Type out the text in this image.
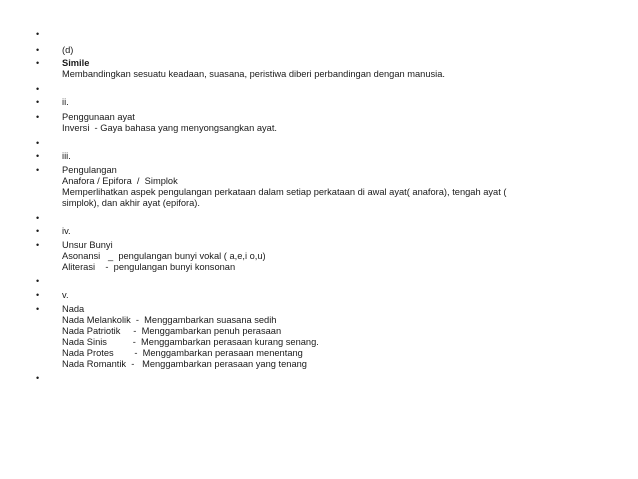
•
•	(d)
•	Simile
Membandingkan sesuatu keadaan, suasana, peristiwa diberi perbandingan dengan manusia.
•
•	ii.
•	Penggunaan ayat
Inversi  - Gaya bahasa yang menyongsangkan ayat.
•
•	iii.
•	Pengulangan
Anafora / Epifora  /  Simplok
Memperlihatkan aspek pengulangan perkataan dalam setiap perkataan di awal ayat( anafora), tengah ayat (
simplok), dan akhir ayat (epifora).
•
•	iv.
•	Unsur Bunyi
Asonansi   _  pengulangan bunyi vokal ( a,e,i o,u)
Aliterasi    -  pengulangan bunyi konsonan
•
•	v.
•	Nada
Nada Melankolik  -  Menggambarkan suasana sedih
Nada Patriotik     -  Menggambarkan penuh perasaan
Nada Sinis          -  Menggambarkan perasaan kurang senang.
Nada Protes        -  Menggambarkan perasaan menentang
Nada Romantik  -   Menggambarkan perasaan yang tenang
•
